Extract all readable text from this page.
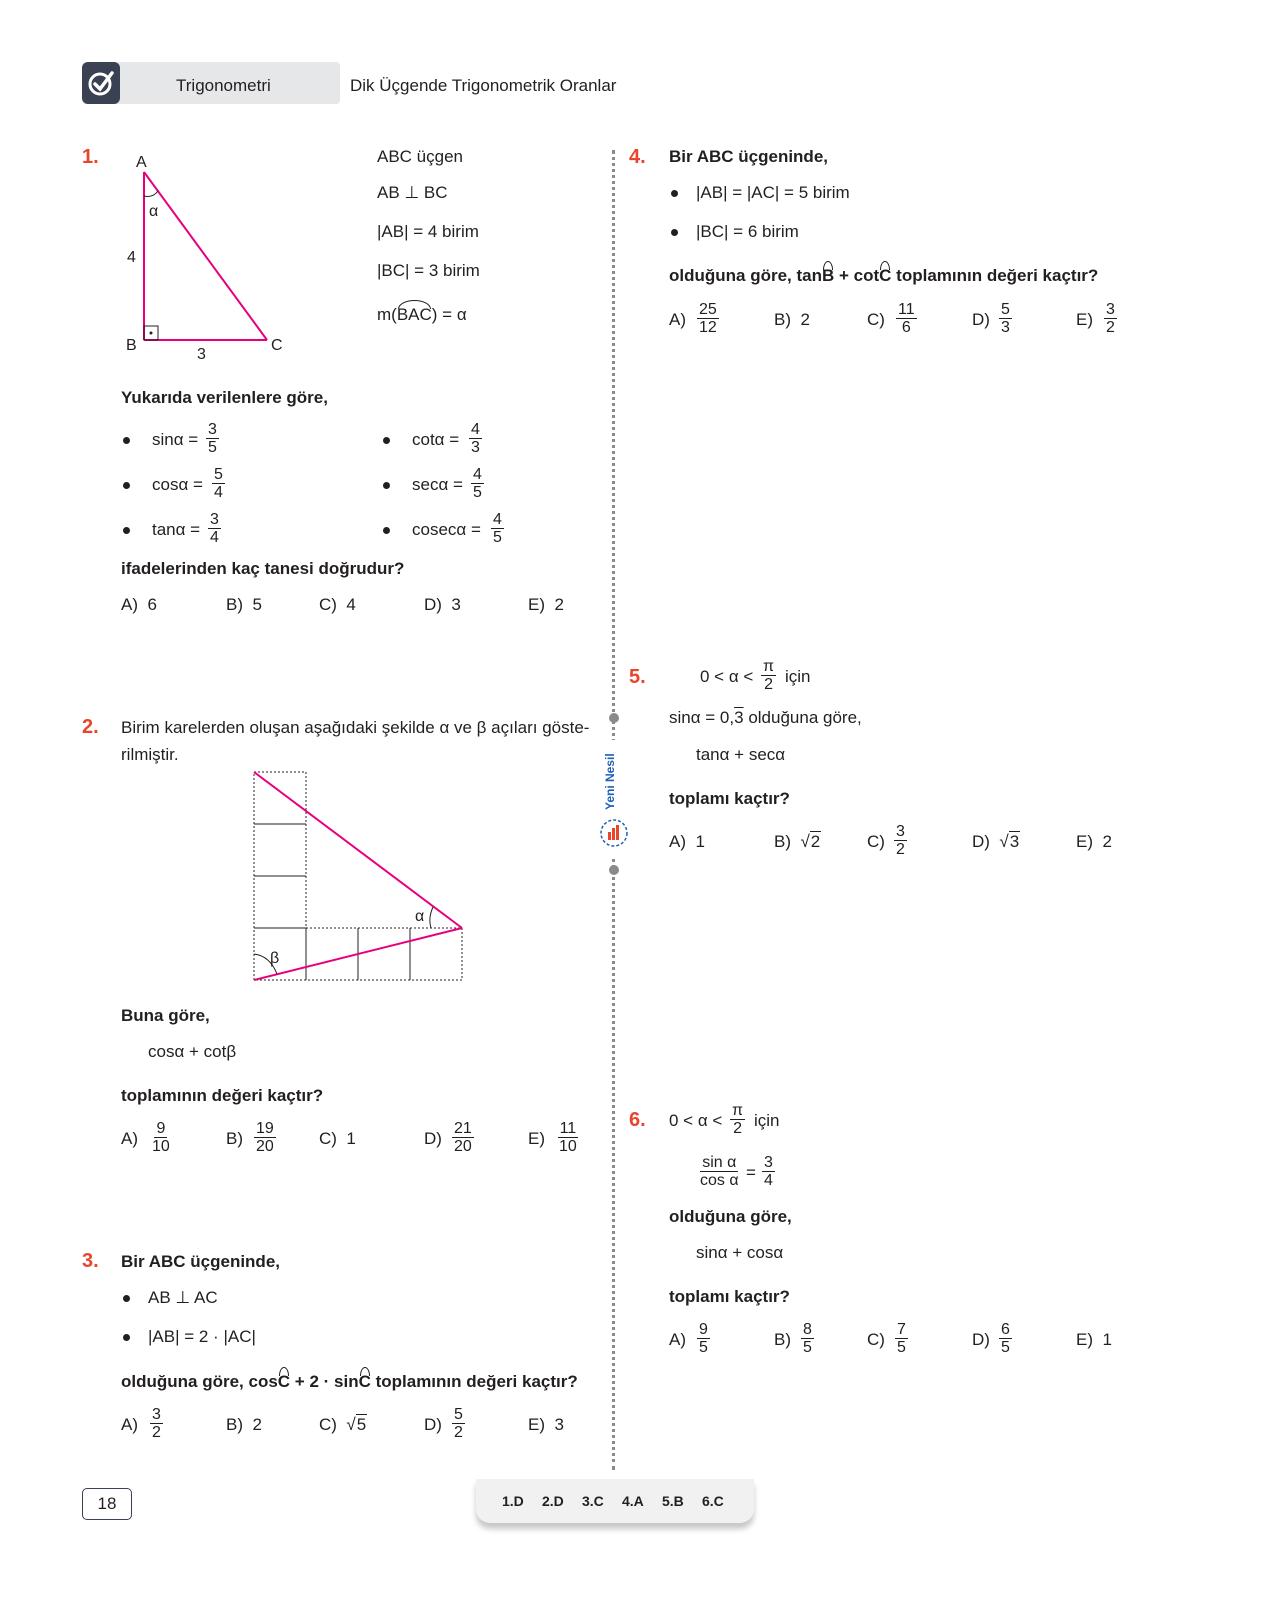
Trigonometri	Dik Üçgende Trigonometrik Oranlar
Yeni Nesil
1. A
B	C
4
3
α
ABC üçgen
AB ⊥ BC
|AB| = 4 birim
|BC| = 3 birim
m(BAC) = α
Yukarıda verilenlere göre,
$\sin\alpha = \frac{3}{5}$
$\cos\alpha = \frac{5}{4}$
$\tan\alpha = \frac{3}{4}$
$\cot\alpha = \frac{4}{3}$
$\sec\alpha = \frac{4}{5}$
$cosec\alpha = \frac{4}{5}$
ifadelerinden kaç tanesi doğrudur?
A) 6	B) 5	C) 4	D) 3	E) 2
2. Birim karelerden oluşan aşağıdaki şekilde α ve β açıları göste-
rilmiştir.
α
β
Buna göre,
cosα + cotβ
toplamının değeri kaçtır?
$A) \frac{9}{10}$	$B) \frac{19}{20}$	C) 1	$D) \frac{21}{20}$	$E) \frac{11}{10}$
3. Bir ABC üçgeninde,
AB ⊥ AC
|AB| = 2 · |AC|
olduğuna göre, cosC + 2 · sinC toplamının değeri kaçtır?
$A) \frac{3}{2}$	B) 2	C)  √5	$D) \frac{5}{2}$	E) 3
4. Bir ABC üçgeninde,
|AB| = |AC| = 5 birim
|BC| = 6 birim
olduğuna göre, tanB + cotC toplamının değeri kaçtır?
$A) \frac{25}{12}$	B) 2	$C) \frac{11}{6}$	$D) \frac{5}{3}$	$E) \frac{3}{2}$
5.	$0 < \alpha < \frac{\pi}{2}$ için
sinα = 0,3 olduğuna göre,
tanα + secα
toplamı kaçtır?
A) 1	B)  √2	$C) \frac{3}{2}$	D)  √3	E) 2
6. $0 < \alpha < \frac{\pi}{2}$ için
$\frac{\text{sin α}}{\text{cos α}} = \frac{3}{4}$
olduğuna göre,
sinα + cosα
toplamı kaçtır?
$A) \frac{9}{5}$	$B) \frac{8}{5}$	$C) \frac{7}{5}$	$D) \frac{6}{5}$	E) 1
18	1.D 2.D 3.C 4.A 5.B 6.C
